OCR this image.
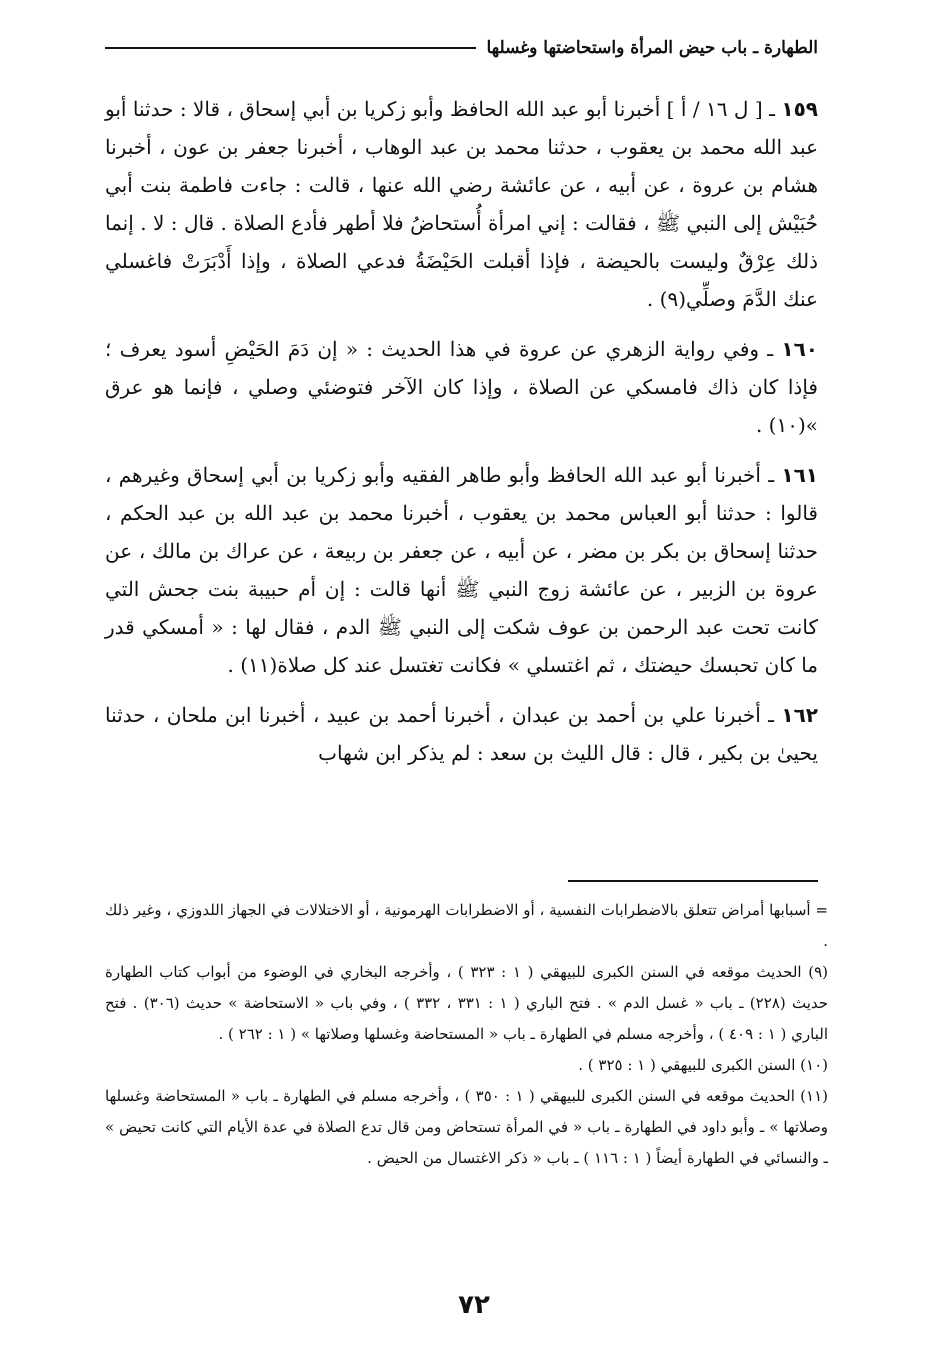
الطهارة ـ باب حيض المرأة واستحاضتها وغسلها

١٥٩ ـ [ ل ١٦ / أ ] أخبرنا أبو عبد الله الحافظ وأبو زكريا بن أبي إسحاق ، قالا : حدثنا أبو عبد الله محمد بن يعقوب ، حدثنا محمد بن عبد الوهاب ، أخبرنا جعفر بن عون ، أخبرنا هشام بن عروة ، عن أبيه ، عن عائشة رضي الله عنها ، قالت : جاءت فاطمة بنت أبي حُبَيْش إلى النبي ﷺ ، فقالت : إني امرأة أُستحاضُ فلا أطهر فأدع الصلاة . قال : لا . إنما ذلك عِرْقٌ وليست بالحيضة ، فإذا أقبلت الحَيْضَةُ فدعي الصلاة ، وإذا أَدْبَرَتْ فاغسلي عنك الدَّمَ وصلِّي(٩) .

١٦٠ ـ وفي رواية الزهري عن عروة في هذا الحديث : « إن دَمَ الحَيْضِ أسود يعرف ؛ فإذا كان ذاك فامسكي عن الصلاة ، وإذا كان الآخر فتوضئي وصلي ، فإنما هو عرق »(١٠) .

١٦١ ـ أخبرنا أبو عبد الله الحافظ وأبو طاهر الفقيه وأبو زكريا بن أبي إسحاق وغيرهم ، قالوا : حدثنا أبو العباس محمد بن يعقوب ، أخبرنا محمد بن عبد الله بن عبد الحكم ، حدثنا إسحاق بن بكر بن مضر ، عن أبيه ، عن جعفر بن ربيعة ، عن عراك بن مالك ، عن عروة بن الزبير ، عن عائشة زوج النبي ﷺ أنها قالت : إن أم حبيبة بنت جحش التي كانت تحت عبد الرحمن بن عوف شكت إلى النبي ﷺ الدم ، فقال لها : « أمسكي قدر ما كان تحبسك حيضتك ، ثم اغتسلي » فكانت تغتسل عند كل صلاة(١١) .

١٦٢ ـ أخبرنا علي بن أحمد بن عبدان ، أخبرنا أحمد بن عبيد ، أخبرنا ابن ملحان ، حدثنا يحيىٰ بن بكير ، قال : قال الليث بن سعد : لم يذكر ابن شهاب

= أسبابها أمراض تتعلق بالاضطرابات النفسية ، أو الاضطرابات الهرمونية ، أو الاختلالات في الجهاز اللدوزي ، وغير ذلك .

(٩) الحديث موقعه في السنن الكبرى للبيهقي ( ١ : ٣٢٣ ) ، وأخرجه البخاري في الوضوء من أبواب كتاب الطهارة حديث (٢٢٨) ـ باب « غسل الدم » . فتح الباري ( ١ : ٣٣١ ، ٣٣٢ ) ، وفي باب « الاستحاضة » حديث (٣٠٦) . فتح الباري ( ١ : ٤٠٩ ) ، وأخرجه مسلم في الطهارة ـ باب « المستحاضة وغسلها وصلاتها » ( ١ : ٢٦٢ ) .

(١٠) السنن الكبرى للبيهقي ( ١ : ٣٢٥ ) .

(١١) الحديث موقعه في السنن الكبرى للبيهقي ( ١ : ٣٥٠ ) ، وأخرجه مسلم في الطهارة ـ باب « المستحاضة وغسلها وصلاتها » ـ وأبو داود في الطهارة ـ باب « في المرأة تستحاض ومن قال تدع الصلاة في عدة الأيام التي كانت تحيض » ـ والنسائي في الطهارة أيضاً ( ١ : ١١٦ ) ـ باب « ذكر الاغتسال من الحيض .

٧٢
